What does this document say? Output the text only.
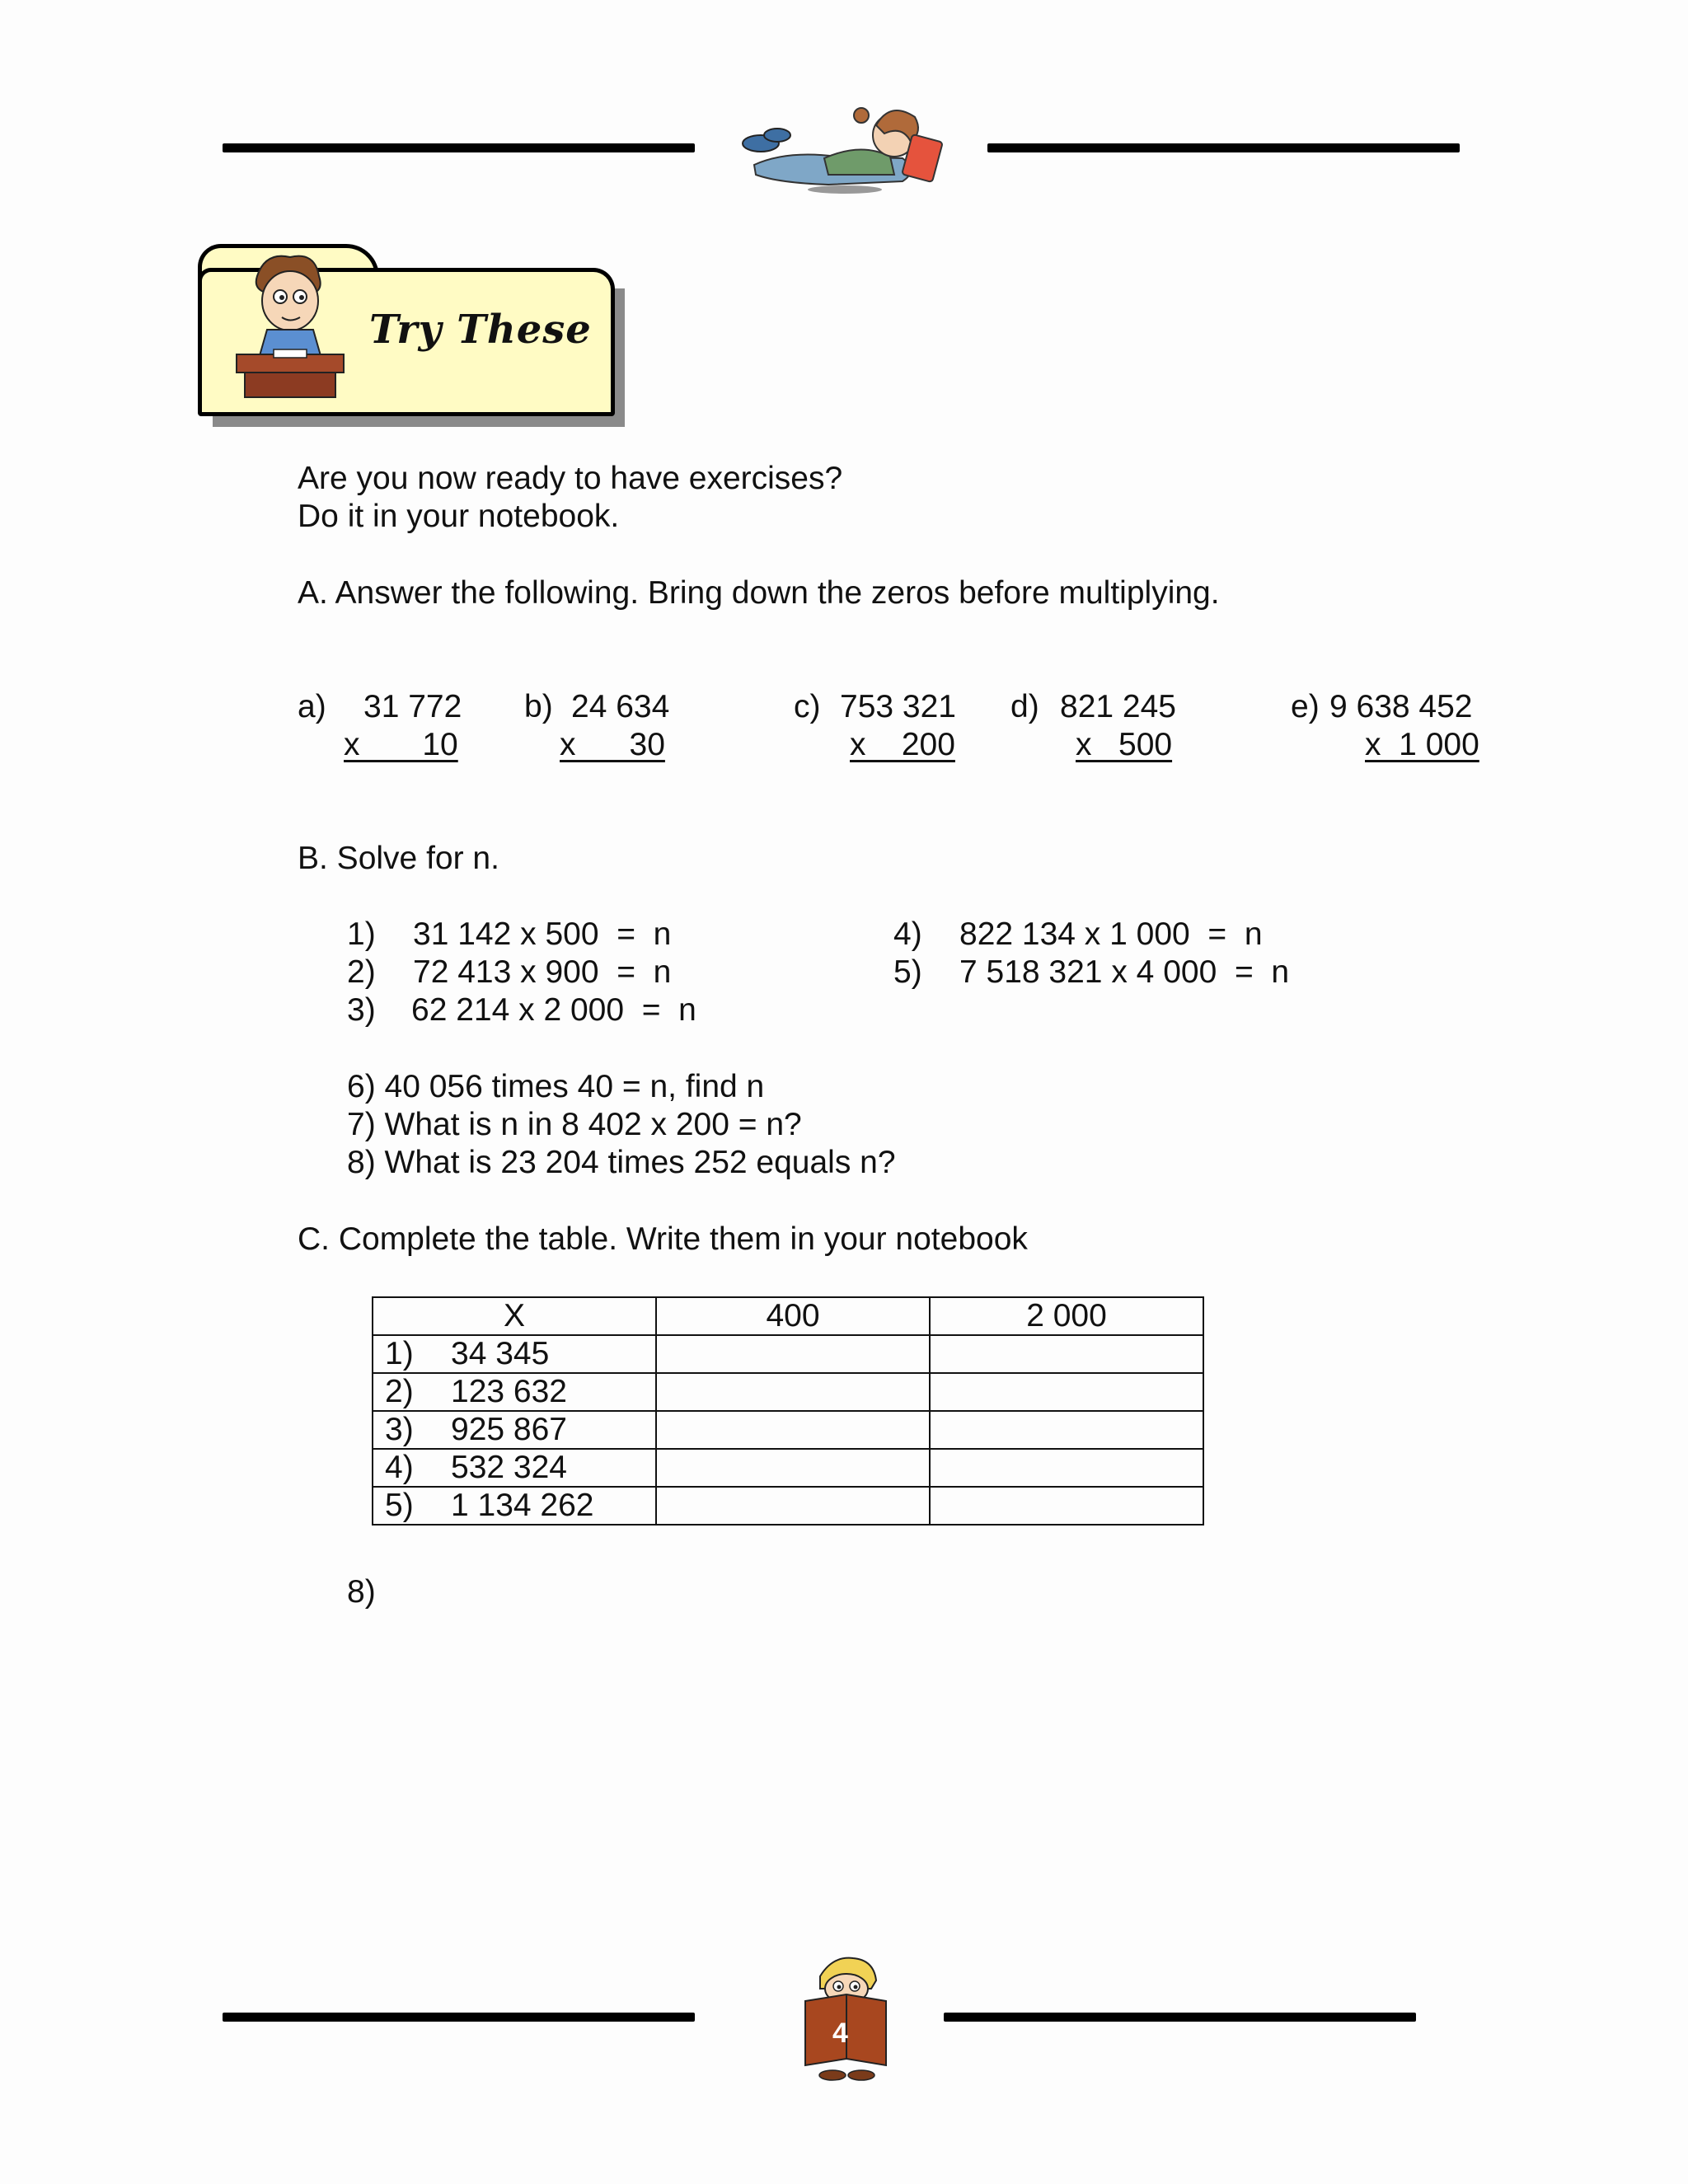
Try These
Are you now ready to have exercises?
Do it in your notebook.
A. Answer the following. Bring down the zeros before multiplying.
a) 31 772
x       10
b) 24 634
x      30
c) 753 321
x    200
d) 821 245
x   500
e) 9 638 452
x  1 000
B. Solve for n.
1) 31 142 x 500  =  n
2) 72 413 x 900  =  n
3) 62 214 x 2 000  =  n
4) 822 134 x 1 000  =  n
5) 7 518 321 x 4 000  =  n
6) 40 056 times 40 = n, find n
7) What is n in 8 402 x 200 = n?
8) What is 23 204 times 252 equals n?
C. Complete the table. Write them in your notebook
X	400	2 000
1) 34 345		
2) 123 632		
3) 925 867		
4) 532 324		
5) 1 134 262		
8)
4
